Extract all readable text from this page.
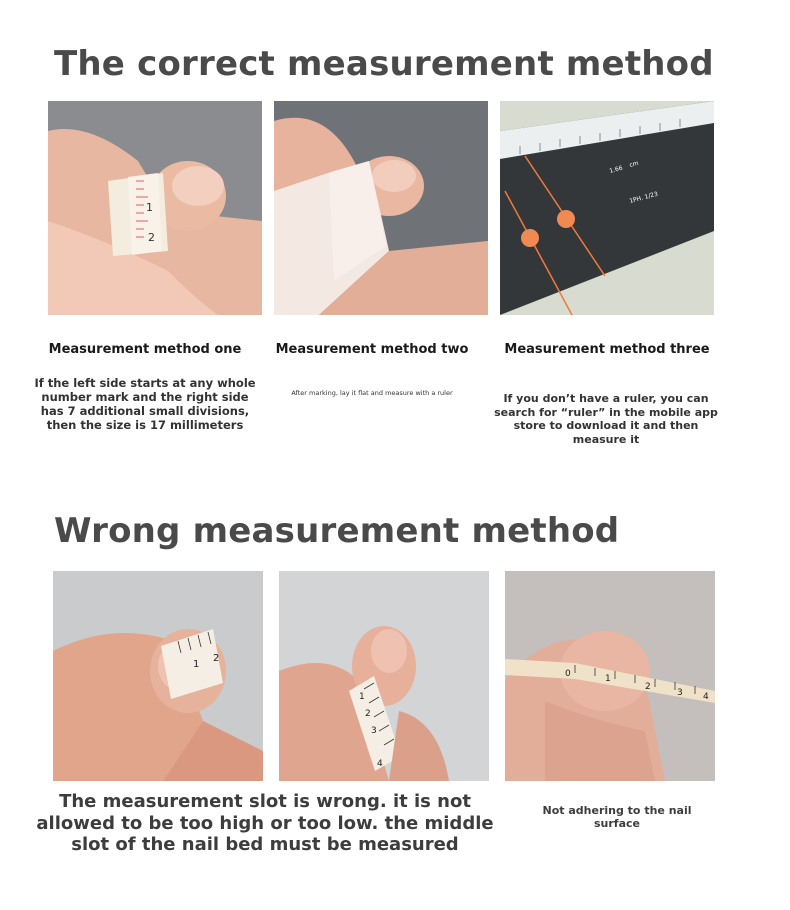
The correct measurement method
1
2
1.66
cm
1PH. 1/23
Measurement method one	Measurement method two	Measurement method three
If the left side starts at any whole number mark and the right side has 7 additional small divisions, then the size is 17 millimeters
After marking, lay it flat and measure with a ruler	If you don’t have a ruler, you can search for “ruler” in the mobile app store to download it and then measure it
Wrong measurement method
1
2
1
2
3
4
0	1
2
3 4
The measurement slot is wrong. it is not allowed to be too high or too low. the middle slot of the nail bed must be measured
Not adhering to the nail surface
